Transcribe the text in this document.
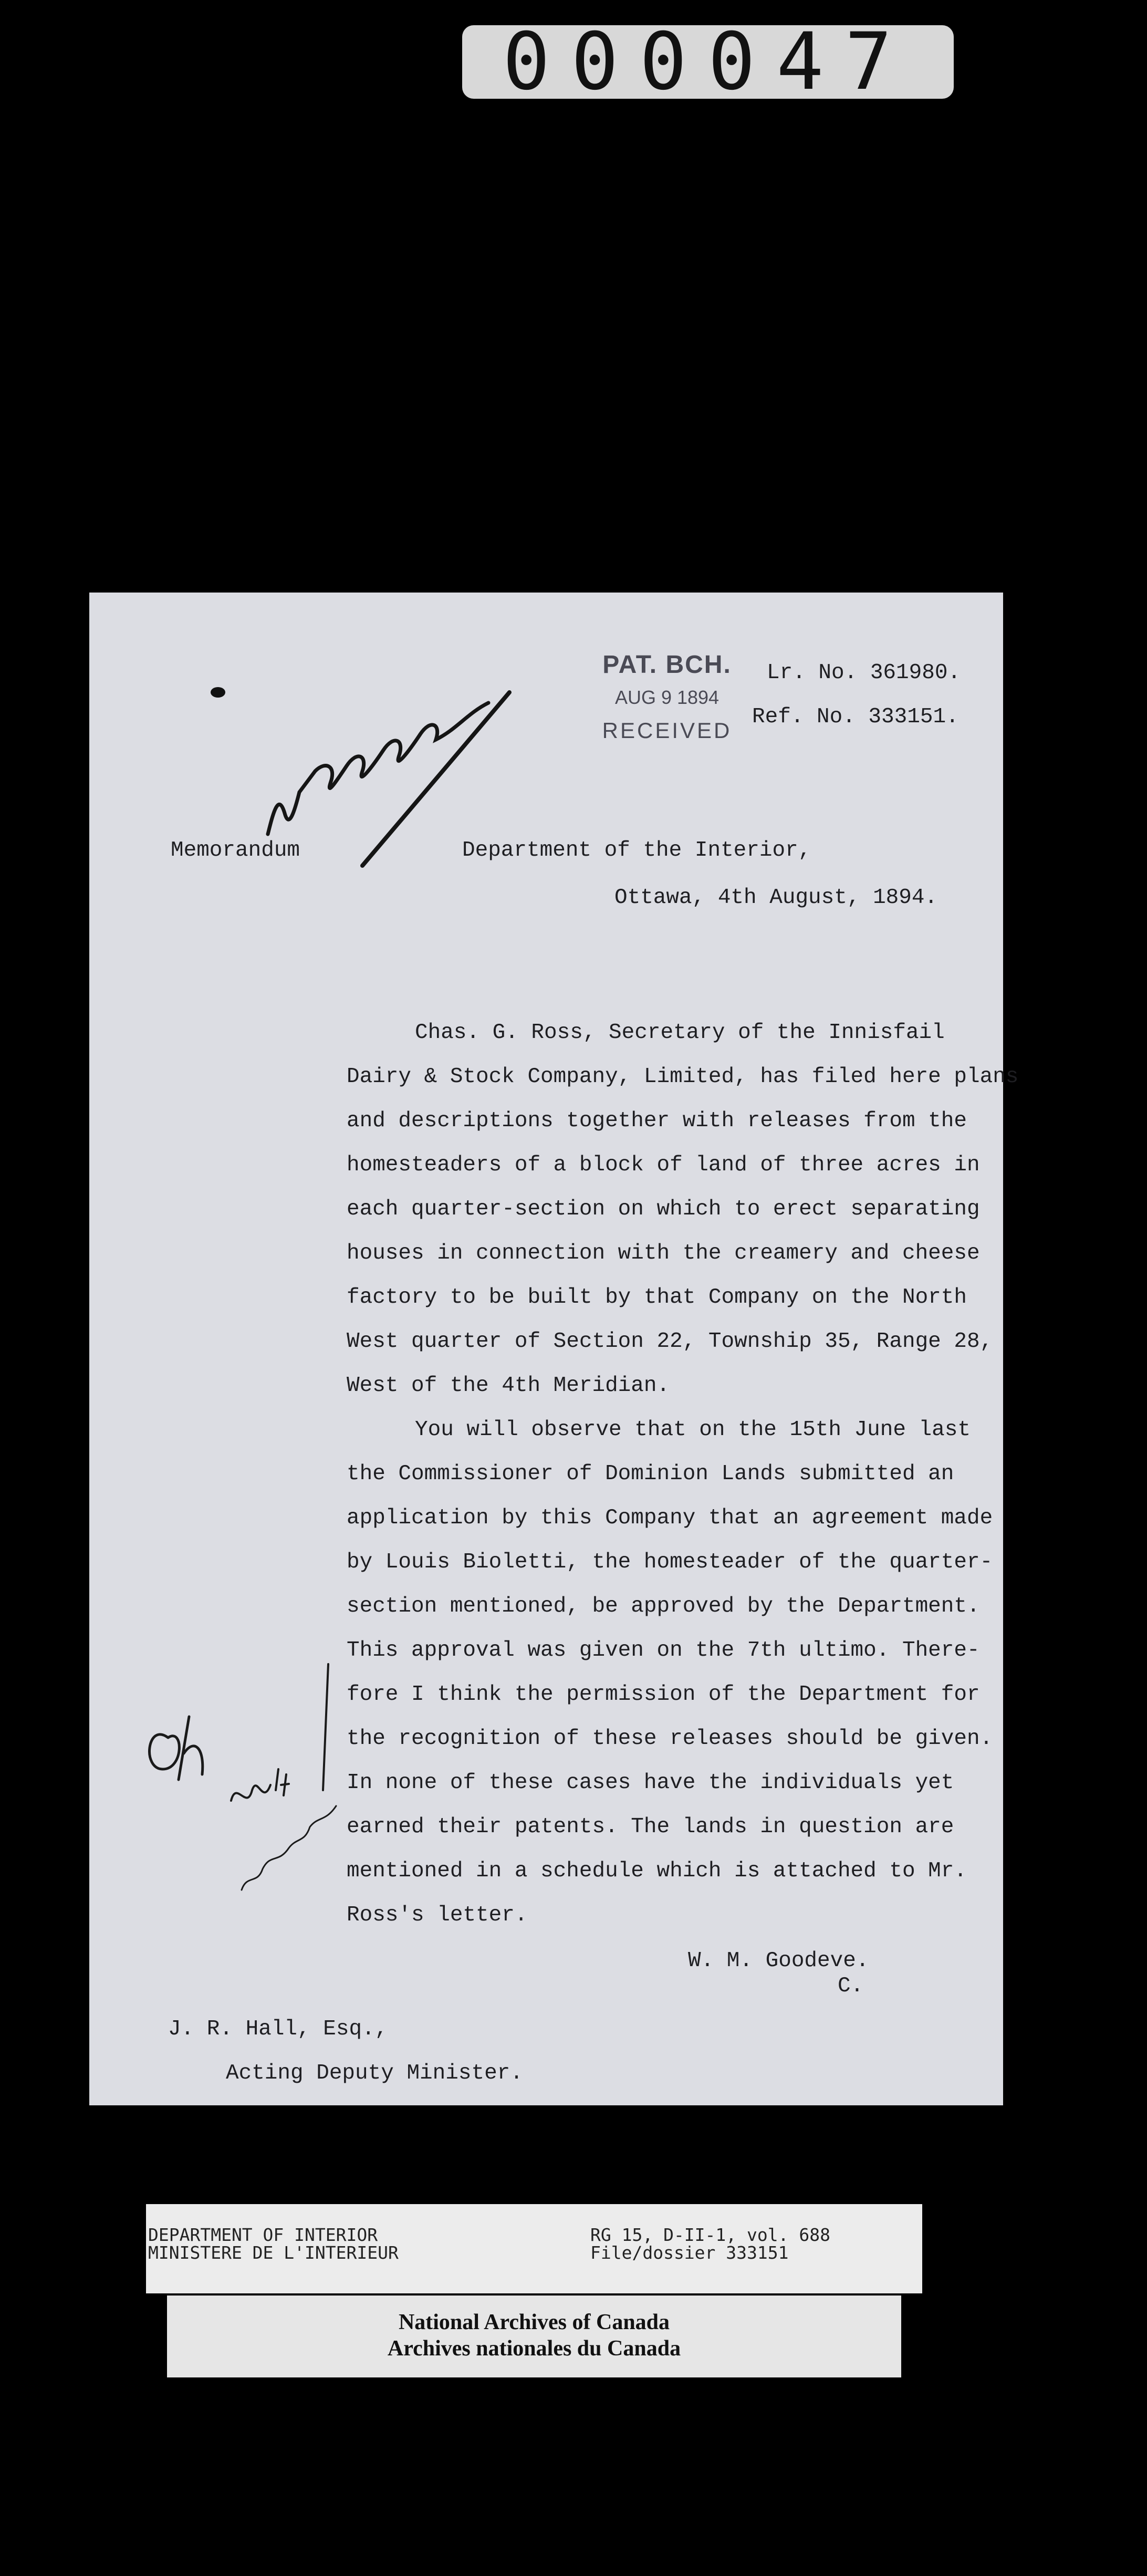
000047
PAT. BCH.
AUG 9 1894
RECEIVED
Lr. No. 361980.
Ref. No. 333151.
Memorandum	Department of the Interior,
Ottawa, 4th August, 1894.
Chas. G. Ross, Secretary of the Innisfail
Dairy & Stock Company, Limited, has filed here plans
and descriptions together with releases from the
homesteaders of a block of land of three acres in
each quarter-section on which to erect separating
houses in connection with the creamery and cheese
factory to be built by that Company on the North
West quarter of Section 22, Township 35, Range 28,
West of the 4th Meridian.
You will observe that on the 15th June last
the Commissioner of Dominion Lands submitted an
application by this Company that an agreement made
by Louis Bioletti, the homesteader of the quarter-
section mentioned, be approved by the Department.
This approval was given on the 7th ultimo. There-
fore I think the permission of the Department for
the recognition of these releases should be given.
In none of these cases have the individuals yet
earned their patents. The lands in question are
mentioned in a schedule which is attached to Mr.
Ross's letter.
W. M. Goodeve.
C.
J. R. Hall, Esq.,
Acting Deputy Minister.
DEPARTMENT OF INTERIOR
MINISTERE DE L'INTERIEUR
RG 15, D-II-1, vol. 688
File/dossier 333151
National Archives of Canada
Archives nationales du Canada
